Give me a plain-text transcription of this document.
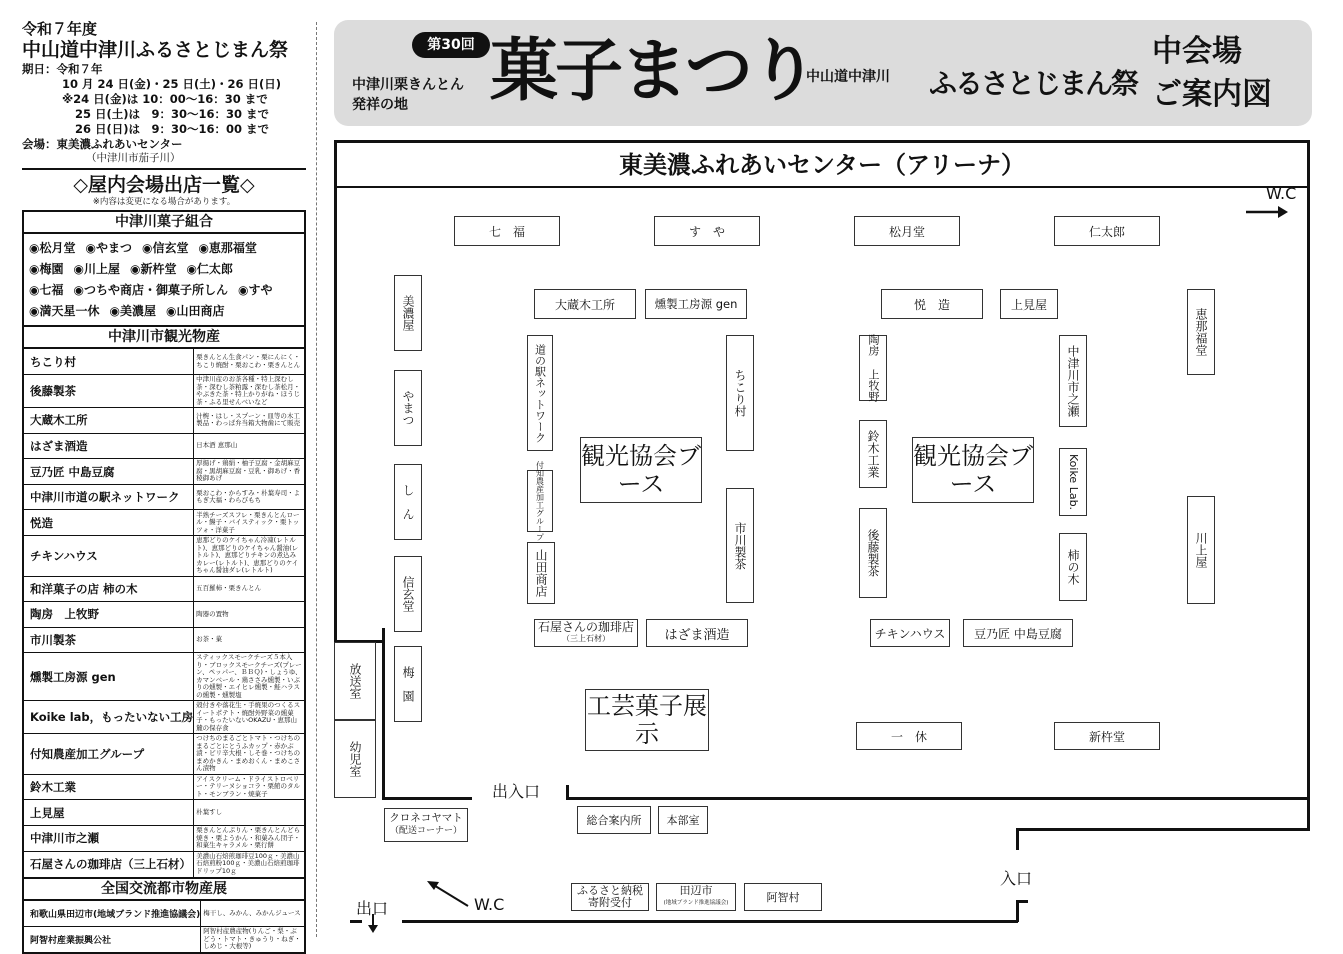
令和７年度
中山道中津川ふるさとじまん祭
期日：令和７年
10 月 24 日(金)・25 日(土)・26 日(日)
※24 日(金)は 10：00〜16：30 まで
25 日(土)は　9：30〜16：30 まで
26 日(日)は　9：30〜16：00 まで
会場：東美濃ふれあいセンター
（中津川市茄子川）
◇屋内会場出店一覧◇
※内容は変更になる場合があります。
中津川菓子組合
◉松月堂 ◉やまつ ◉信玄堂 ◉恵那福堂
◉梅園 ◉川上屋 ◉新杵堂 ◉仁太郎
◉七福 ◉つちや商店・御菓子所しん ◉すや
◉満天星一休 ◉美濃屋 ◉山田商店
中津川市観光物産
ちこり村	栗きんとん生食パン・栗にんにく・ちこり焼酎・栗おこわ・栗きんとん
後藤製茶	中津川産のお茶各種・特上深むし茶・深むし茶粕露・深むし茶松月・やぶきた茶・特上かりがね・ほうじ茶・ふる里せんべいなど
大蔵木工所	汁椀・はし・スプーン・皿等の木工製品・わっぱ弁当箱大物歯にて販売
はざま酒造	日本酒 恵那山
豆乃匠 中島豆腐	厚揚げ・鶏絹・柚子豆腐・金胡麻豆腐・黒胡麻豆腐・豆乳・御あげ・香稜御あげ
中津川市道の駅ネットワーク	栗おこわ・からすみ・朴葉寿司・よもぎ大福・わらびもち
悦造	半熟チーズスフレ・栗きんとんロール・饅子・バイスティック・栗トッツォ・洋菓子
チキンハウス	恵那どりのケイちゃん冷凍(レトルト)、恵那どりのケイちゃん醤油(レトルト)、恵那どりチキンの煮込みカレー(レトルト)、恵那どりのケイちゃん醤油ダレ(レトルト)
和洋菓子の店 柿の木	五百羅柿・栗きんとん
陶房　上牧野	陶器の置物
市川製茶	お茶・菓
燻製工房源 gen	スティックスモークチーズ５本入り・ブロックスモークチーズ(プレーン、ペッパー、ＢＢＱ)・しょうゆ、カマンベール・鶏ささみ燻製・いぶりの燻製・エイヒレ燻製・鮭ハラスの燻製・燻製塩
Koike lab，もったいない工房	殻付きや落花生・手焼果のつくるスイートポテト・焼酎外野菜の燻菓子・もったいないOKAZU・恵那山麓の保存食
付知農産加工グループ	つけちのまるごとトマト・つけちのまるごとにとうふカップ・赤かぶ漬・ピリ辛大根・しそ巻・つけちのまめかきん・まめおくん・まめこさん漬物
鈴木工業	アイスクリーム・ドライストロベリー・テリーヌショコラ・栗館のタルト・モンブラン・焼菓子
上見屋	朴葉すし
中津川市之瀬	栗きんとんぷりん・栗きんとんどら焼き・栗ようかん・和菓みん団子・和菓生キャラメル・栗行餅
石屋さんの珈琲店（三上石材）	美濃山石焙煎珈琲豆100ｇ・美濃山石焙煎粉100ｇ・美濃山石焙煎珈琲ドリップ10ｇ
全国交流都市物産展
和歌山県田辺市(地域ブランド推進協議会)	梅干し、みかん、みかんジュース
阿智村産業振興公社	阿智村産農産物(りんご・梨・ぶどう・トマト・きゅうり・ねぎ・しめじ・大根等)
第30回
中津川栗きんとん
発祥の地 菓子まつり
中山道中津川 ふるさとじまん祭
中会場
ご案内図
東美濃ふれあいセンター（アリーナ）
W.C
七　福	す　や	松月堂	仁太郎
美濃屋
やまつ
し　ん
信玄堂
梅　園
大蔵木工所	燻製工房源 gen
道の駅ネットワーク	ちこり村
観光協会ブース
付知農産加工グループ
市川製茶
山田商店
石屋さんの珈琲店
（三上石材）	はざま酒造
工芸菓子展示
悦　造	上見屋
恵那福堂
陶房 上牧野	中津川市之瀬
鈴木工業 観光協会ブース	Koike Lab.
川上屋
後藤製茶	柿の木
チキンハウス	豆乃匠 中島豆腐
一　休	新杵堂
放送室
幼児室
出入口
クロネコヤマト
（配送コーナー）
総合案内所	本部室
ふるさと納税
寄附受付
田辺市
(地域ブランド推進協議会)	阿智村
入口
出口	W.C
